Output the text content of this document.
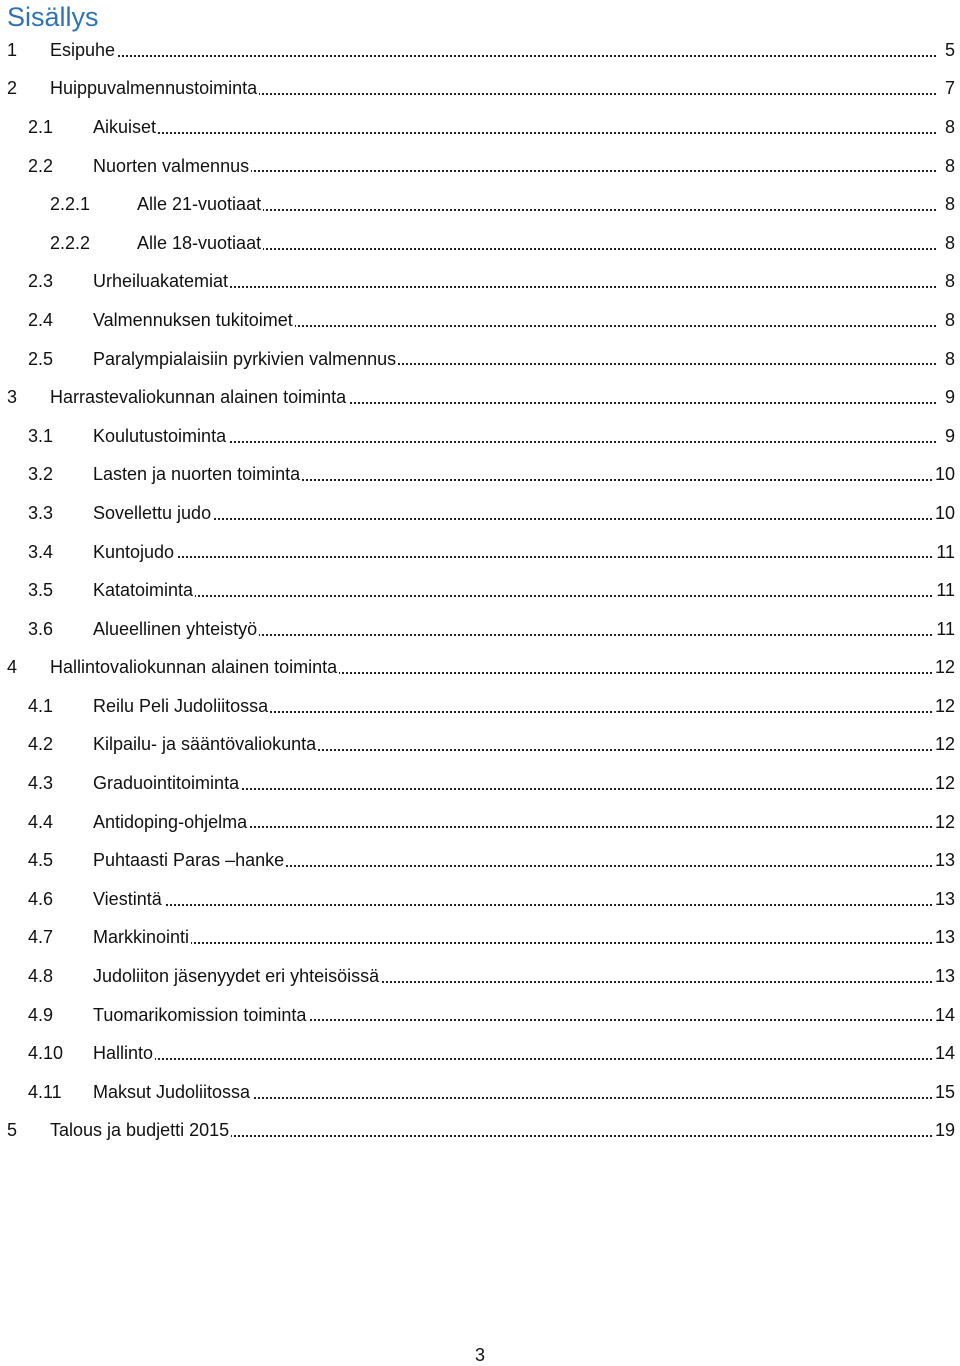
Sisällys
1 Esipuhe	5
2 Huippuvalmennustoiminta	7
2.1 Aikuiset	8
2.2 Nuorten valmennus	8
2.2.1	Alle 21-vuotiaat	8
2.2.2	Alle 18-vuotiaat	8
2.3 Urheiluakatemiat	8
2.4 Valmennuksen tukitoimet	8
2.5 Paralympialaisiin pyrkivien valmennus	8
3 Harrastevaliokunnan alainen toiminta	9
3.1 Koulutustoiminta	9
3.2 Lasten ja nuorten toiminta	10
3.3 Sovellettu judo	10
3.4 Kuntojudo	11
3.5 Katatoiminta	11
3.6 Alueellinen yhteistyö	11
4 Hallintovaliokunnan alainen toiminta	12
4.1 Reilu Peli Judoliitossa	12
4.2 Kilpailu- ja sääntövaliokunta	12
4.3 Graduointitoiminta	12
4.4 Antidoping-ohjelma	12
4.5 Puhtaasti Paras –hanke	13
4.6 Viestintä	13
4.7 Markkinointi	13
4.8 Judoliiton jäsenyydet eri yhteisöissä	13
4.9 Tuomarikomission toiminta	14
4.10 Hallinto	14
4.11 Maksut Judoliitossa	15
5 Talous ja budjetti 2015	19
3
